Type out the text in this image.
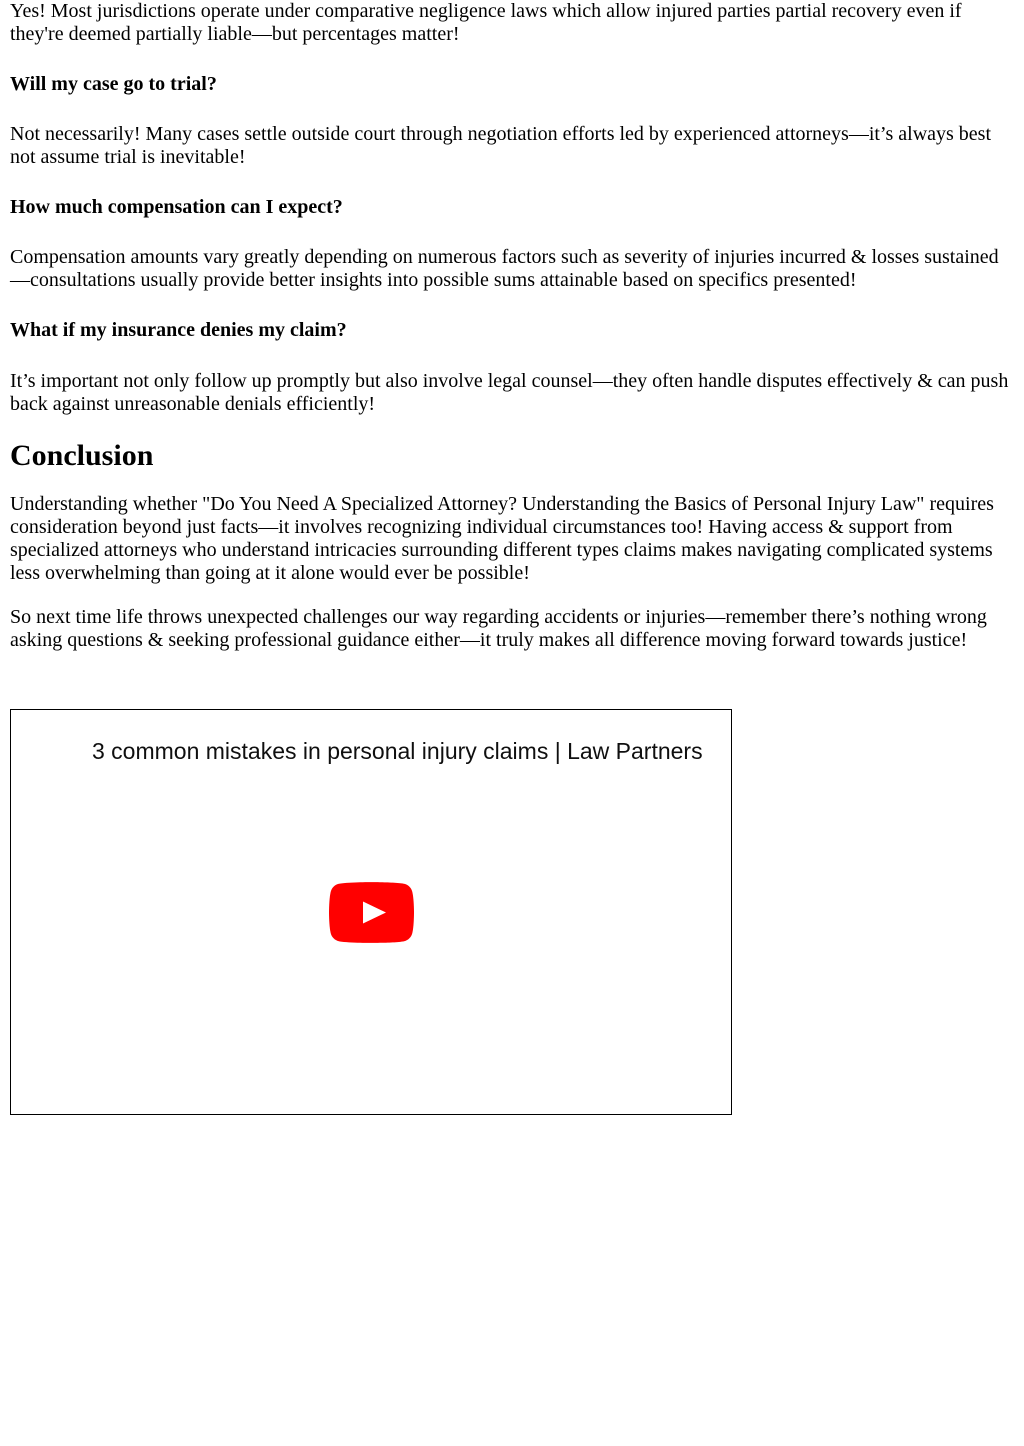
Yes! Most jurisdictions operate under comparative negligence laws which allow injured parties partial recovery even if they're deemed partially liable—but percentages matter!

Will my case go to trial?

Not necessarily! Many cases settle outside court through negotiation efforts led by experienced attorneys—it’s always best not assume trial is inevitable!

How much compensation can I expect?

Compensation amounts vary greatly depending on numerous factors such as severity of injuries incurred & losses sustained—consultations usually provide better insights into possible sums attainable based on specifics presented!

What if my insurance denies my claim?

It’s important not only follow up promptly but also involve legal counsel—they often handle disputes effectively & can push back against unreasonable denials efficiently!

Conclusion

Understanding whether "Do You Need A Specialized Attorney? Understanding the Basics of Personal Injury Law" requires consideration beyond just facts—it involves recognizing individual circumstances too! Having access & support from specialized attorneys who understand intricacies surrounding different types claims makes navigating complicated systems less overwhelming than going at it alone would ever be possible!

So next time life throws unexpected challenges our way regarding accidents or injuries—remember there’s nothing wrong asking questions & seeking professional guidance either—it truly makes all difference moving forward towards justice!

3 common mistakes in personal injury claims | Law Partners
